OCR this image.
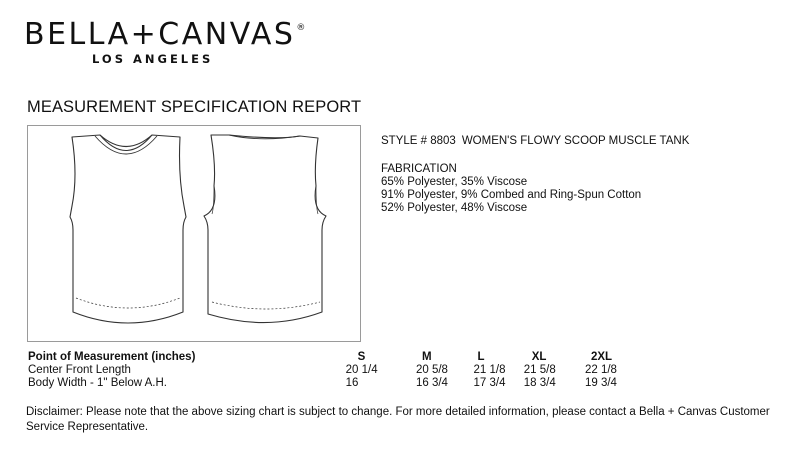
BELLA+CANVAS®
LOS ANGELES
MEASUREMENT SPECIFICATION REPORT
STYLE # 8803 WOMEN'S FLOWY SCOOP MUSCLE TANK
FABRICATION
65% Polyester, 35% Viscose
91% Polyester, 9% Combed and Ring-Spun Cotton
52% Polyester, 48% Viscose
Point of Measurement (inches)	S	M	L	XL	2XL
Center Front Length	20 1/4	20 5/8	21 1/8	21 5/8	22 1/8
Body Width - 1" Below A.H.	16	16 3/4	17 3/4	18 3/4	19 3/4
Disclaimer: Please note that the above sizing chart is subject to change. For more detailed information, please contact a Bella + Canvas Customer Service Representative.
